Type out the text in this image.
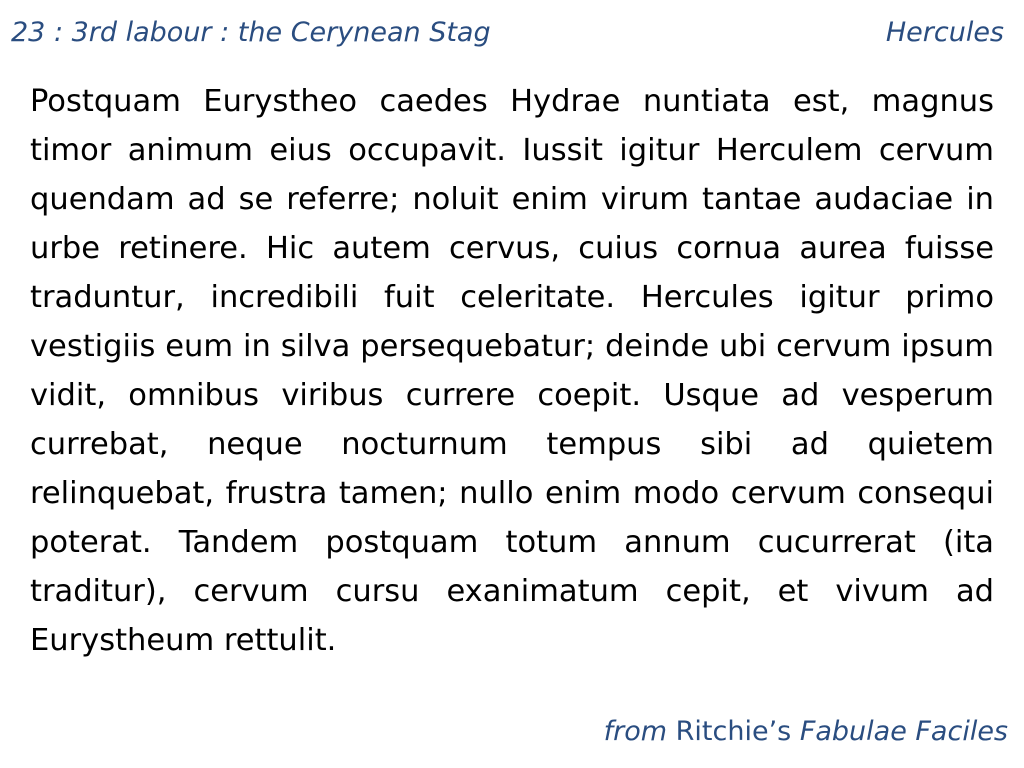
23 : 3rd labour : the Cerynean Stag	Hercules

Postquam Eurystheo caedes Hydrae nuntiata est, magnus timor animum eius occupavit. Iussit igitur Herculem cervum quendam ad se referre; noluit enim virum tantae audaciae in urbe retinere. Hic autem cervus, cuius cornua aurea fuisse traduntur, incredibili fuit celeritate. Hercules igitur primo vestigiis eum in silva persequebatur; deinde ubi cervum ipsum vidit, omnibus viribus currere coepit. Usque ad vesperum currebat, neque nocturnum tempus sibi ad quietem relinquebat, frustra tamen; nullo enim modo cervum consequi poterat. Tandem postquam totum annum cucurrerat (ita traditur), cervum cursu exanimatum cepit, et vivum ad Eurystheum rettulit.

from Ritchie’s Fabulae Faciles
